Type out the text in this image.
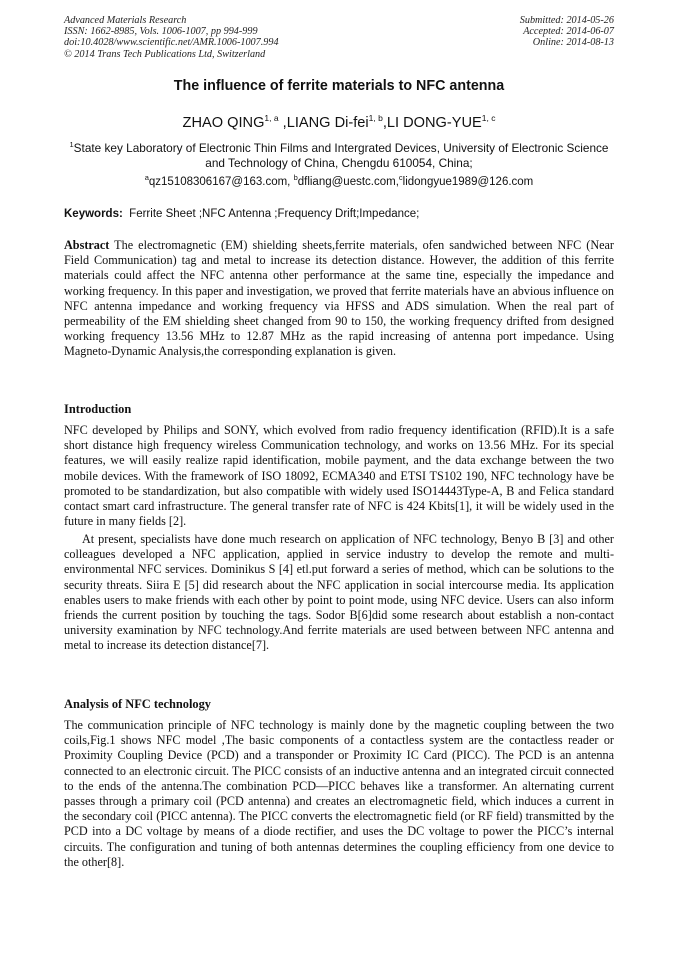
Advanced Materials Research
ISSN: 1662-8985, Vols. 1006-1007, pp 994-999
doi:10.4028/www.scientific.net/AMR.1006-1007.994
© 2014 Trans Tech Publications Ltd, Switzerland
Submitted: 2014-05-26
Accepted: 2014-06-07
Online: 2014-08-13
The influence of ferrite materials to NFC antenna
ZHAO QING$^{1, a}$ ,LIANG Di-fei$^{1, b}$,LI DONG-YUE$^{1, c}$
$^1$State key Laboratory of Electronic Thin Films and Intergrated Devices, University of Electronic Science and Technology of China, Chengdu 610054, China;
$^a$qz15108306167@163.com, $^b$dfliang@uestc.com,$^c$lidongyue1989@126.com
Keywords:  Ferrite Sheet ;NFC Antenna ;Frequency Drift;Impedance;
Abstract The electromagnetic (EM) shielding sheets,ferrite materials, ofen sandwiched between NFC (Near Field Communication) tag and metal to increase its detection distance. However, the addition of this ferrite materials could affect the NFC antenna other performance at the same tine, especially the impedance and working frequency. In this paper and investigation, we proved that ferrite materials have an abvious influence on NFC antenna impedance and working frequency via HFSS and ADS simulation. When the real part of permeability of the EM shielding sheet changed from 90 to 150, the working frequency drifted from designed working frequency 13.56 MHz to 12.87 MHz as the rapid increasing of antenna port impedance. Using Magneto-Dynamic Analysis,the corresponding explanation is given.
Introduction
NFC developed by Philips and SONY, which evolved from radio frequency identification (RFID).It is a safe short distance high frequency wireless Communication technology, and works on 13.56 MHz. For its special features, we will easily realize rapid identification, mobile payment, and the data exchange between the two mobile devices. With the framework of ISO 18092, ECMA340 and ETSI TS102 190, NFC technology have be promoted to be standardization, but also compatible with widely used ISO14443Type-A, B and Felica standard contact smart card infrastructure. The general transfer rate of NFC is 424 Kbits[1], it will be widely used in the future in many fields [2].
At present, specialists have done much research on application of NFC technology, Benyo B [3] and other colleagues developed a NFC application, applied in service industry to develop the remote and multi-environmental NFC services. Dominikus S [4] etl.put forward a series of method, which can be solutions to the security threats. Siira E [5] did research about the NFC application in social intercourse media. Its application enables users to make friends with each other by point to point mode, using NFC device. Users can also inform friends the current position by touching the tags. Sodor B[6]did some research about establish a non-contact university examination by NFC technology.And ferrite materials are used between between NFC antenna and metal to increase its detection distance[7].
Analysis of NFC technology
The communication principle of NFC technology is mainly done by the magnetic coupling between the two coils,Fig.1 shows NFC model ,The basic components of a contactless system are the contactless reader or Proximity Coupling Device (PCD) and a transponder or Proximity IC Card (PICC). The PCD is an antenna connected to an electronic circuit. The PICC consists of an inductive antenna and an integrated circuit connected to the ends of the antenna.The combination PCD—PICC behaves like a transformer. An alternating current passes through a primary coil (PCD antenna) and creates an electromagnetic field, which induces a current in the secondary coil (PICC antenna). The PICC converts the electromagnetic field (or RF field) transmitted by the PCD into a DC voltage by means of a diode rectifier, and uses the DC voltage to power the PICC’s internal circuits. The configuration and tuning of both antennas determines the coupling efficiency from one device to the other[8].
